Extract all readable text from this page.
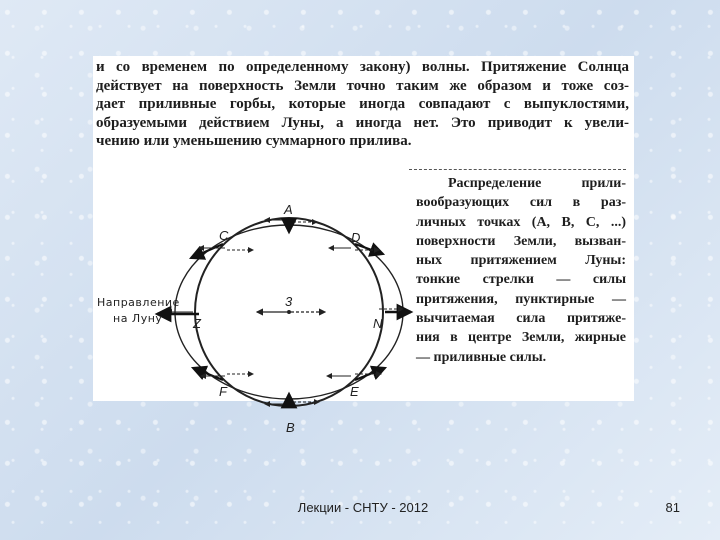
и со временем по определенному закону) волны. Притяжение Солнца
действует на поверхность Земли точно таким же образом и тоже соз-
дает приливные горбы, которые иногда совпадают с выпуклостями,
образуемыми действием Луны, а иногда нет. Это приводит к увели-
чению или уменьшению суммарного прилива.

Распределение прили-
вообразующих сил в раз-
личных точках (А, В, С, ...)
поверхности Земли, вызван-
ных притяжением Луны:
тонкие стрелки — силы
притяжения, пунктирные —
вычитаемая сила притяже-
ния в центре Земли, жирные
— приливные силы.
A
B
C	D
E
F
N
Z
3
Направление
на Луну
Лекции - СНТУ - 2012	81
